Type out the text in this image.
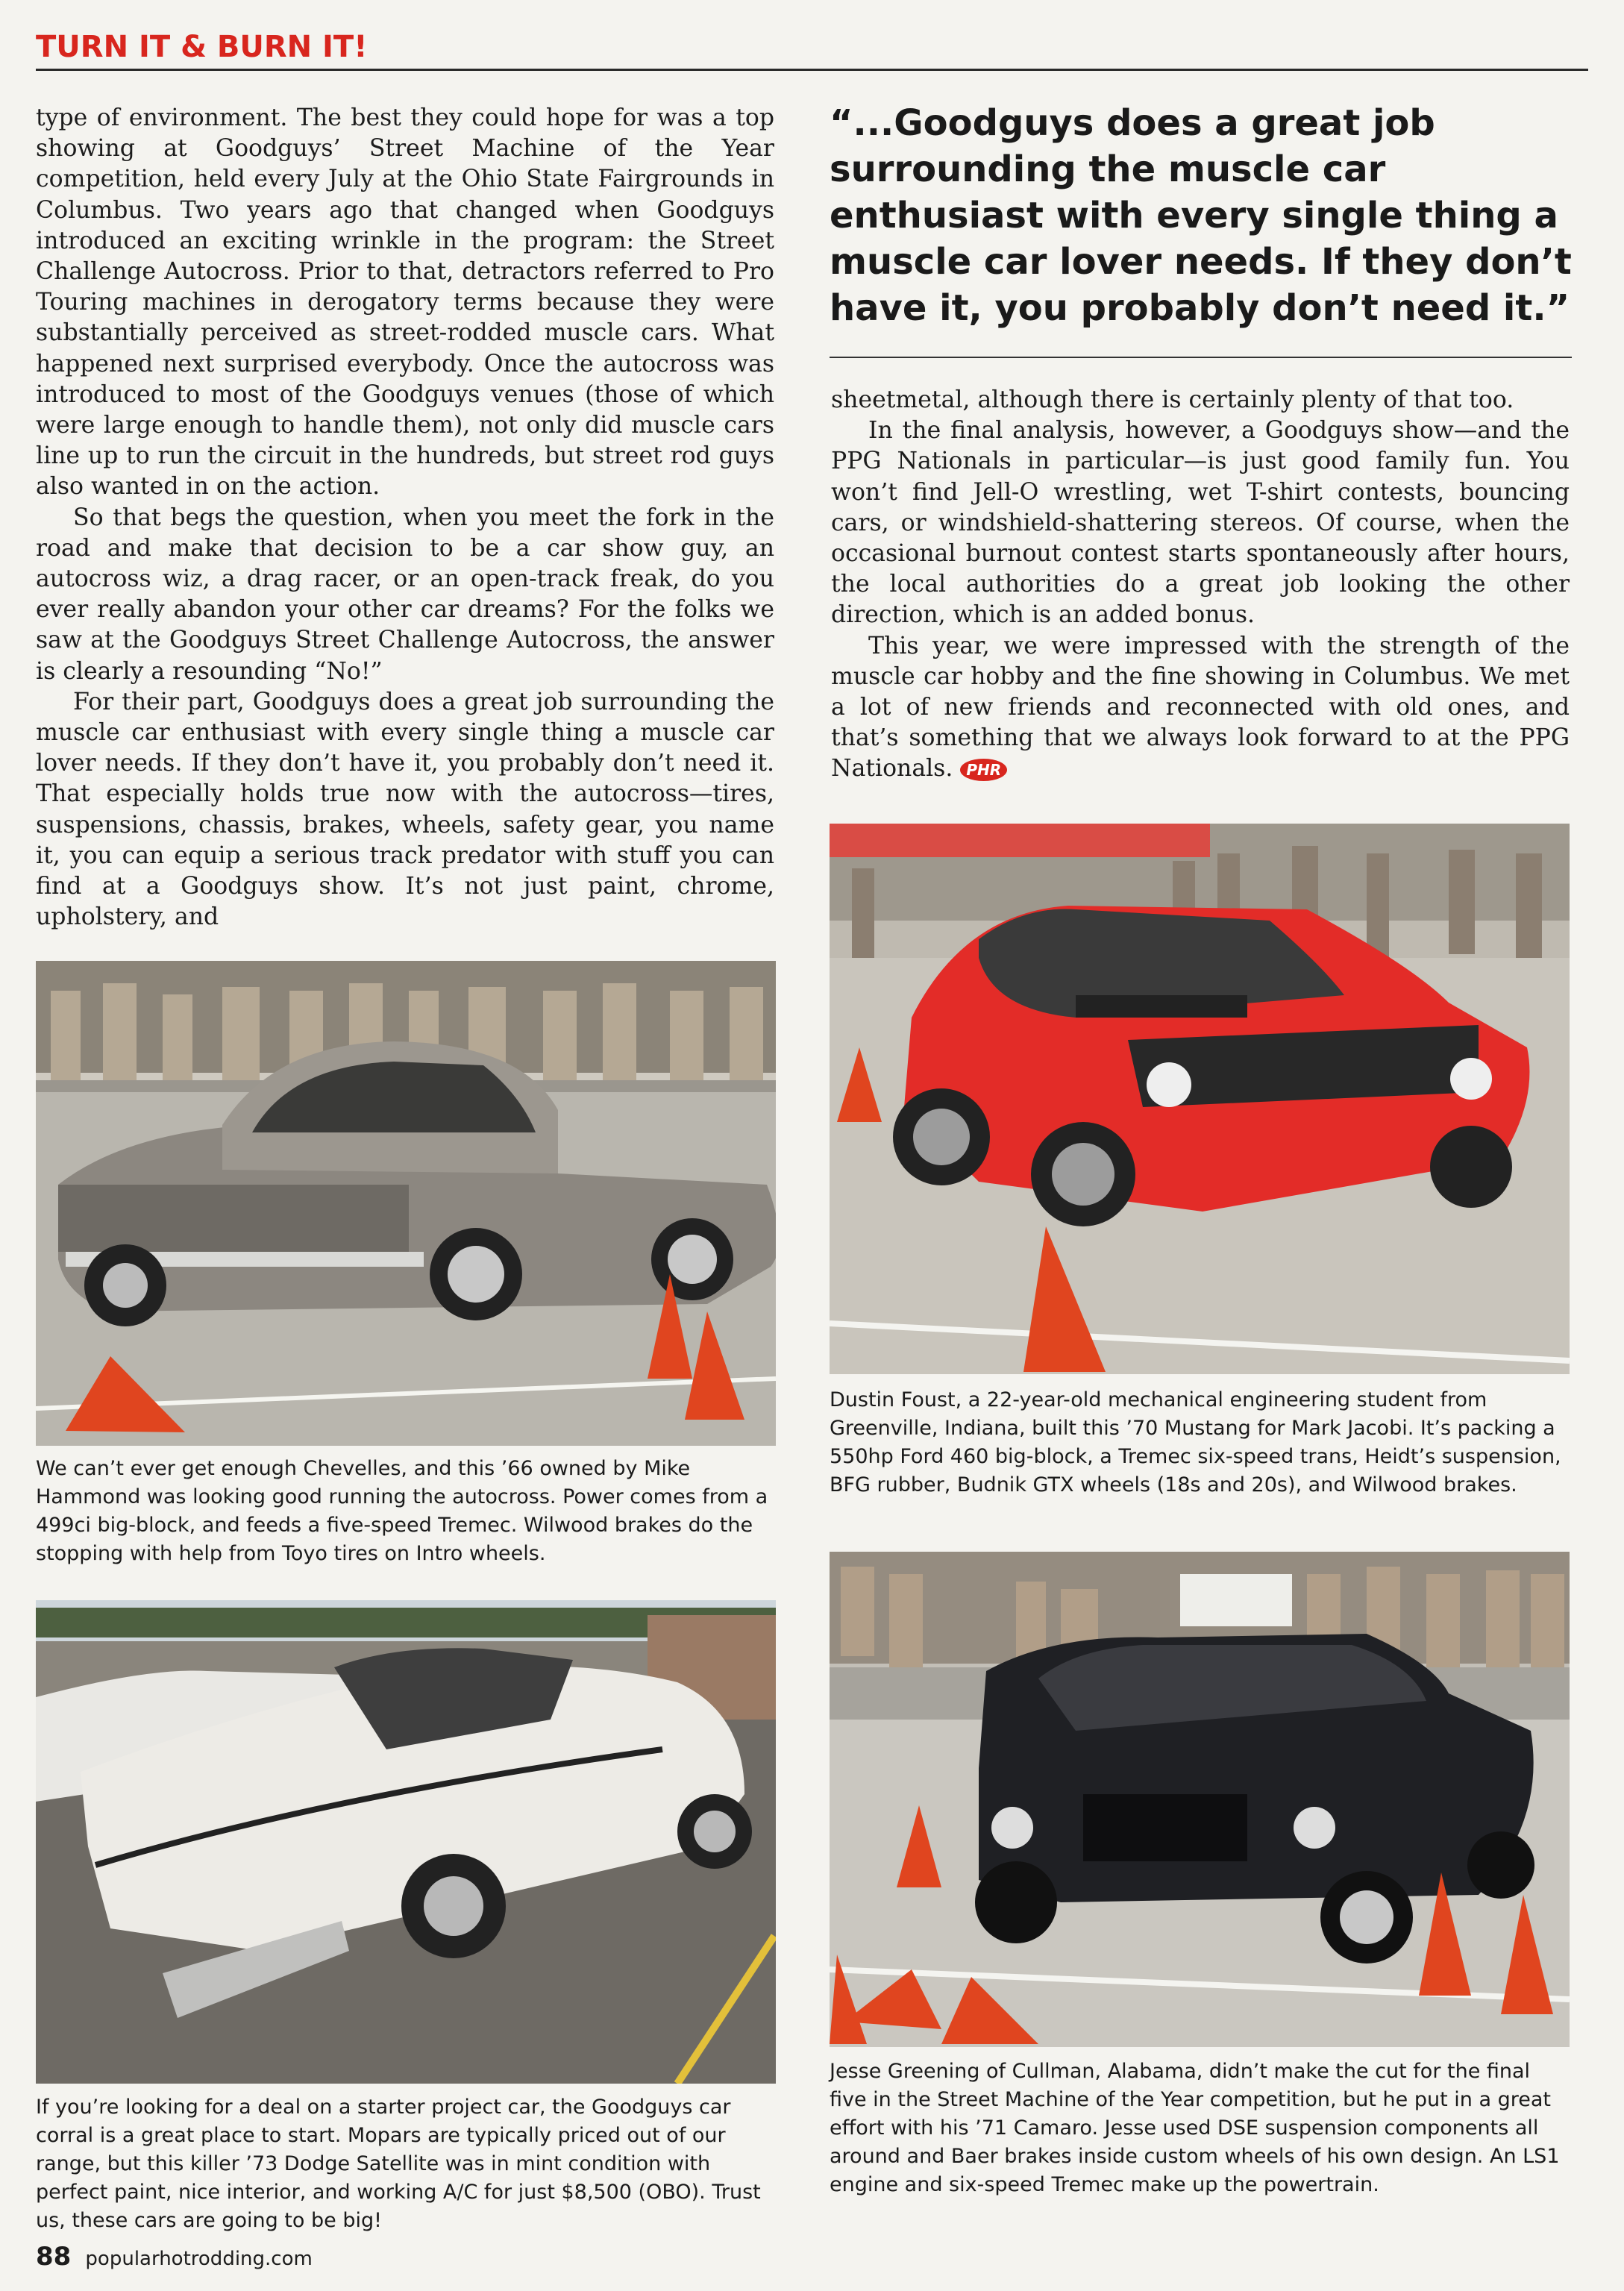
TURN IT & BURN IT!

type of environment. The best they could hope for was a top showing at Goodguys’ Street Machine of the Year competition, held every July at the Ohio State Fairgrounds in Columbus. Two years ago that changed when Goodguys introduced an exciting wrinkle in the program: the Street Challenge Autocross. Prior to that, detractors referred to Pro Touring machines in derogatory terms because they were substantially perceived as street-rodded muscle cars. What happened next surprised everybody. Once the autocross was introduced to most of the Goodguys venues (those of which were large enough to handle them), not only did muscle cars line up to run the circuit in the hundreds, but street rod guys also wanted in on the action.

So that begs the question, when you meet the fork in the road and make that decision to be a car show guy, an autocross wiz, a drag racer, or an open-track freak, do you ever really abandon your other car dreams? For the folks we saw at the Goodguys Street Challenge Autocross, the answer is clearly a resounding “No!”

For their part, Goodguys does a great job surrounding the muscle car enthusiast with every single thing a muscle car lover needs. If they don’t have it, you probably don’t need it. That especially holds true now with the autocross—tires, suspensions, chassis, brakes, wheels, safety gear, you name it, you can equip a serious track predator with stuff you can find at a Goodguys show. It’s not just paint, chrome, upholstery, and

“...Goodguys does a great job surrounding the muscle car enthusiast with every single thing a muscle car lover needs. If they don’t have it, you probably don’t need it.”

sheetmetal, although there is certainly plenty of that too.

In the final analysis, however, a Goodguys show—and the PPG Nationals in particular—is just good family fun. You won’t find Jell-O wrestling, wet T-shirt contests, bouncing cars, or windshield-shattering stereos. Of course, when the occasional burnout contest starts spontaneously after hours, the local authorities do a great job looking the other direction, which is an added bonus.

This year, we were impressed with the strength of the muscle car hobby and the fine showing in Columbus. We met a lot of new friends and reconnected with old ones, and that’s something that we always look forward to at the PPG Nationals. PHR

We can’t ever get enough Chevelles, and this ’66 owned by Mike Hammond was looking good running the autocross. Power comes from a 499ci big-block, and feeds a five-speed Tremec. Wilwood brakes do the stopping with help from Toyo tires on Intro wheels.
If you’re looking for a deal on a starter project car, the Goodguys car corral is a great place to start. Mopars are typically priced out of our range, but this killer ’73 Dodge Satellite was in mint condition with perfect paint, nice interior, and working A/C for just $8,500 (OBO). Trust us, these cars are going to be big!
Dustin Foust, a 22-year-old mechanical engineering student from Greenville, Indiana, built this ’70 Mustang for Mark Jacobi. It’s packing a 550hp Ford 460 big-block, a Tremec six-speed trans, Heidt’s suspension, BFG rubber, Budnik GTX wheels (18s and 20s), and Wilwood brakes.
Jesse Greening of Cullman, Alabama, didn’t make the cut for the final five in the Street Machine of the Year competition, but he put in a great effort with his ’71 Camaro. Jesse used DSE suspension components all around and Baer brakes inside custom wheels of his own design. An LS1 engine and six-speed Tremec make up the powertrain.
88 popularhotrodding.com
